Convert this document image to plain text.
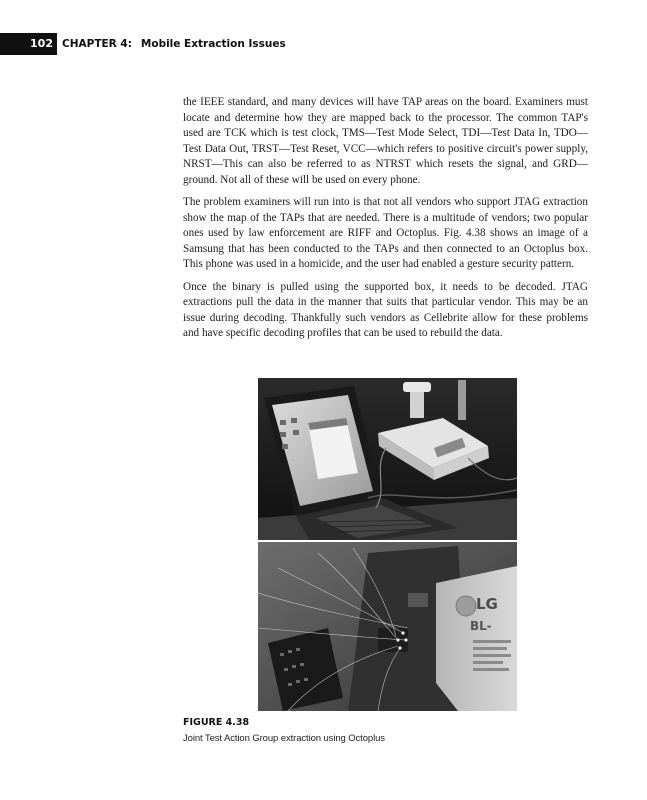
102 CHAPTER 4: Mobile Extraction Issues

the IEEE standard, and many devices will have TAP areas on the board. Examiners must locate and determine how they are mapped back to the processor. The common TAP's used are TCK which is test clock, TMS—Test Mode Select, TDI—Test Data In, TDO—Test Data Out, TRST—Test Reset, VCC—which refers to positive circuit's power supply, NRST—This can also be referred to as NTRST which resets the signal, and GRD—ground. Not all of these will be used on every phone.

The problem examiners will run into is that not all vendors who support JTAG extraction show the map of the TAPs that are needed. There is a multitude of vendors; two popular ones used by law enforcement are RIFF and Octoplus. Fig. 4.38 shows an image of a Samsung that has been conducted to the TAPs and then connected to an Octoplus box. This phone was used in a homicide, and the user had enabled a gesture security pattern.

Once the binary is pulled using the supported box, it needs to be decoded. JTAG extractions pull the data in the manner that suits that particular vendor. This may be an issue during decoding. Thankfully such vendors as Cellebrite allow for these problems and have specific decoding profiles that can be used to rebuild the data.

LG
BL-
FIGURE 4.38
Joint Test Action Group extraction using Octoplus
